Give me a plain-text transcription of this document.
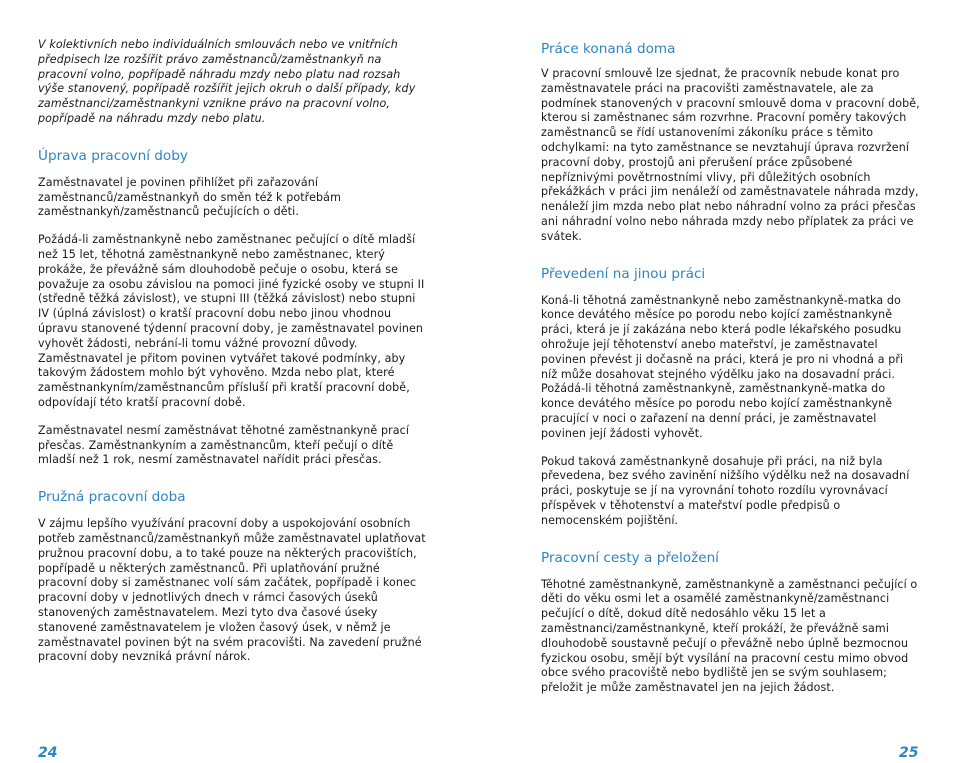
V kolektivních nebo individuálních smlouvách nebo ve vnitřních předpisech lze rozšířit právo zaměstnanců/zaměstnankyň na pracovní volno, popřípadě náhradu mzdy nebo platu nad rozsah výše stanovený, popřípadě rozšířit jejich okruh o další případy, kdy zaměstnanci/zaměstnankyni vznikne právo na pracovní volno, popřípadě na náhradu mzdy nebo platu.

Úprava pracovní doby

Zaměstnavatel je povinen přihlížet při zařazování zaměstnanců/zaměstnankyň do směn též k potřebám zaměstnankyň/zaměstnanců pečujících o děti.

Požádá-li zaměstnankyně nebo zaměstnanec pečující o dítě mladší než 15 let, těhotná zaměstnankyně nebo zaměstnanec, který prokáže, že převážně sám dlouhodobě pečuje o osobu, která se považuje za osobu závislou na pomoci jiné fyzické osoby ve stupni II (středně těžká závislost), ve stupni III (těžká závislost) nebo stupni IV (úplná závislost) o kratší pracovní dobu nebo jinou vhodnou úpravu stanovené týdenní pracovní doby, je zaměstnavatel povinen vyhovět žádosti, nebrání-li tomu vážné provozní důvody. Zaměstnavatel je přitom povinen vytvářet takové podmínky, aby takovým žádostem mohlo být vyhověno. Mzda nebo plat, které zaměstnankyním/zaměstnancům přísluší při kratší pracovní době, odpovídají této kratší pracovní době.

Zaměstnavatel nesmí zaměstnávat těhotné zaměstnankyně prací přesčas. Zaměstnankyním a zaměstnancům, kteří pečují o dítě mladší než 1 rok, nesmí zaměstnavatel nařídit práci přesčas.

Pružná pracovní doba

V zájmu lepšího využívání pracovní doby a uspokojování osobních potřeb zaměstnanců/zaměstnankyň může zaměstnavatel uplatňovat pružnou pracovní dobu, a to také pouze na některých pracovištích, popřípadě u některých zaměstnanců. Při uplatňování pružné pracovní doby si zaměstnanec volí sám začátek, popřípadě i konec pracovní doby v jednotlivých dnech v rámci časových úseků stanovených zaměstnavatelem. Mezi tyto dva časové úseky stanovené zaměstnavatelem je vložen časový úsek, v němž je zaměstnavatel povinen být na svém pracovišti. Na zavedení pružné pracovní doby nevzniká právní nárok.

Práce konaná doma

V pracovní smlouvě lze sjednat, že pracovník nebude konat pro zaměstnavatele práci na pracovišti zaměstnavatele, ale za podmínek stanovených v pracovní smlouvě doma v pracovní době, kterou si zaměstnanec sám rozvrhne. Pracovní poměry takových zaměstnanců se řídí ustanoveními zákoníku práce s těmito odchylkami: na tyto zaměstnance se nevztahují úprava rozvržení pracovní doby, prostojů ani přerušení práce způsobené nepříznivými povětrnostními vlivy, při důležitých osobních překážkách v práci jim nenáleží od zaměstnavatele náhrada mzdy, nenáleží jim mzda nebo plat nebo náhradní volno za práci přesčas ani náhradní volno nebo náhrada mzdy nebo příplatek za práci ve svátek.

Převedení na jinou práci

Koná-li těhotná zaměstnankyně nebo zaměstnankyně-matka do konce devátého měsíce po porodu nebo kojící zaměstnankyně práci, která je jí zakázána nebo která podle lékařského posudku ohrožuje její těhotenství anebo mateřství, je zaměstnavatel povinen převést ji dočasně na práci, která je pro ni vhodná a při níž může dosahovat stejného výdělku jako na dosavadní práci. Požádá-li těhotná zaměstnankyně, zaměstnankyně-matka do konce devátého měsíce po porodu nebo kojící zaměstnankyně pracující v noci o zařazení na denní práci, je zaměstnavatel povinen její žádosti vyhovět.

Pokud taková zaměstnankyně dosahuje při práci, na niž byla převedena, bez svého zavinění nižšího výdělku než na dosavadní práci, poskytuje se jí na vyrovnání tohoto rozdílu vyrovnávací příspěvek v těhotenství a mateřství podle předpisů o nemocenském pojištění.

Pracovní cesty a přeložení

Těhotné zaměstnankyně, zaměstnankyně a zaměstnanci pečující o děti do věku osmi let a osamělé zaměstnankyně/zaměstnanci pečující o dítě, dokud dítě nedosáhlo věku 15 let a zaměstnanci/zaměstnankyně, kteří prokáží, že převážně sami dlouhodobě soustavně pečují o převážně nebo úplně bezmocnou fyzickou osobu, smějí být vysílání na pracovní cestu mimo obvod obce svého pracoviště nebo bydliště jen se svým souhlasem; přeložit je může zaměstnavatel jen na jejich žádost.

24	25
